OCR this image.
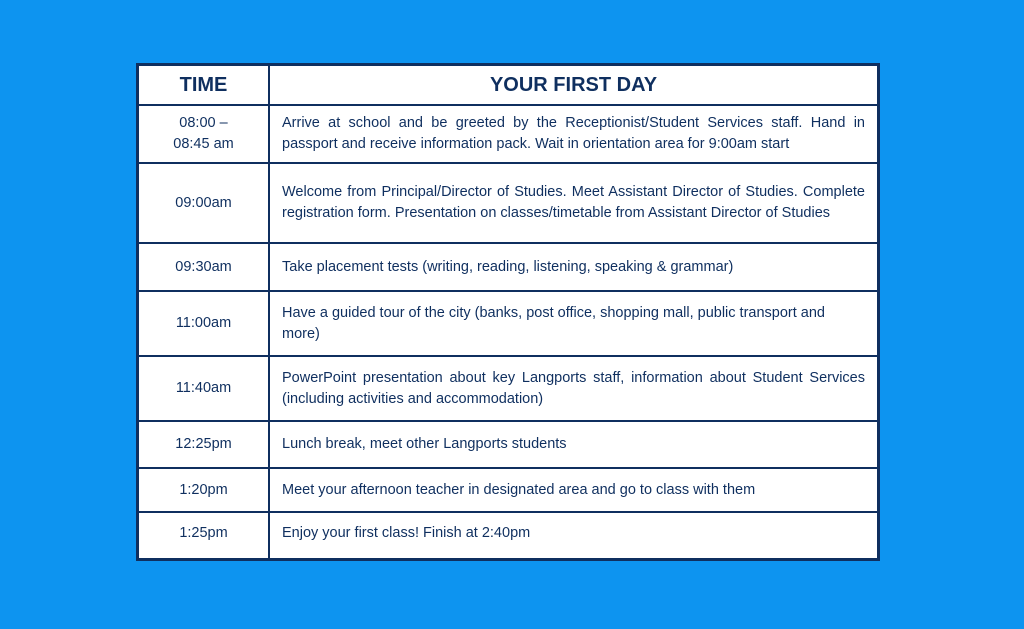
TIME	YOUR FIRST DAY
08:00 –
08:45 am	Arrive at school and be greeted by the Receptionist/Student Services staff. Hand in passport and receive information pack. Wait in orientation area for 9:00am start
09:00am	Welcome from Principal/Director of Studies. Meet Assistant Director of Studies. Complete registration form. Presentation on classes/timetable from Assistant Director of Studies
09:30am	Take placement tests (writing, reading, listening, speaking & grammar)
11:00am	Have a guided tour of the city (banks, post office, shopping mall, public transport and more)
11:40am	PowerPoint presentation about key Langports staff, information about Student Services (including activities and accommodation)
12:25pm	Lunch break, meet other Langports students
1:20pm	Meet your afternoon teacher in designated area and go to class with them
1:25pm	Enjoy your first class! Finish at 2:40pm
